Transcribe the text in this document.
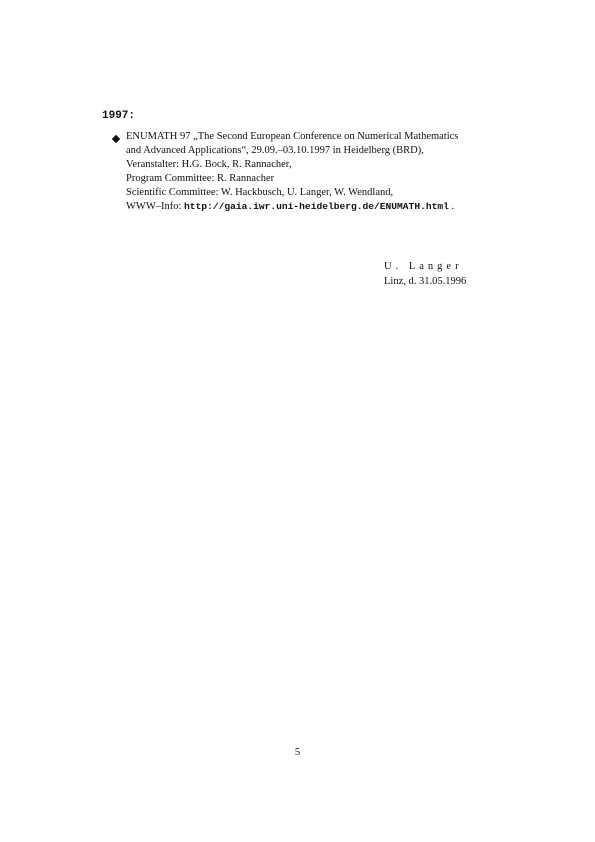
1997:
ENUMATH 97 „The Second European Conference on Numerical Mathematics
and Advanced Applications“, 29.09.–03.10.1997 in Heidelberg (BRD),
Veranstalter: H.G. Bock, R. Rannacher,
Program Committee: R. Rannacher
Scientific Committee: W. Hackbusch, U. Langer, W. Wendland,
WWW–Info: http://gaia.iwr.uni-heidelberg.de/ENUMATH.html .
U. Langer
Linz, d. 31.05.1996
5
